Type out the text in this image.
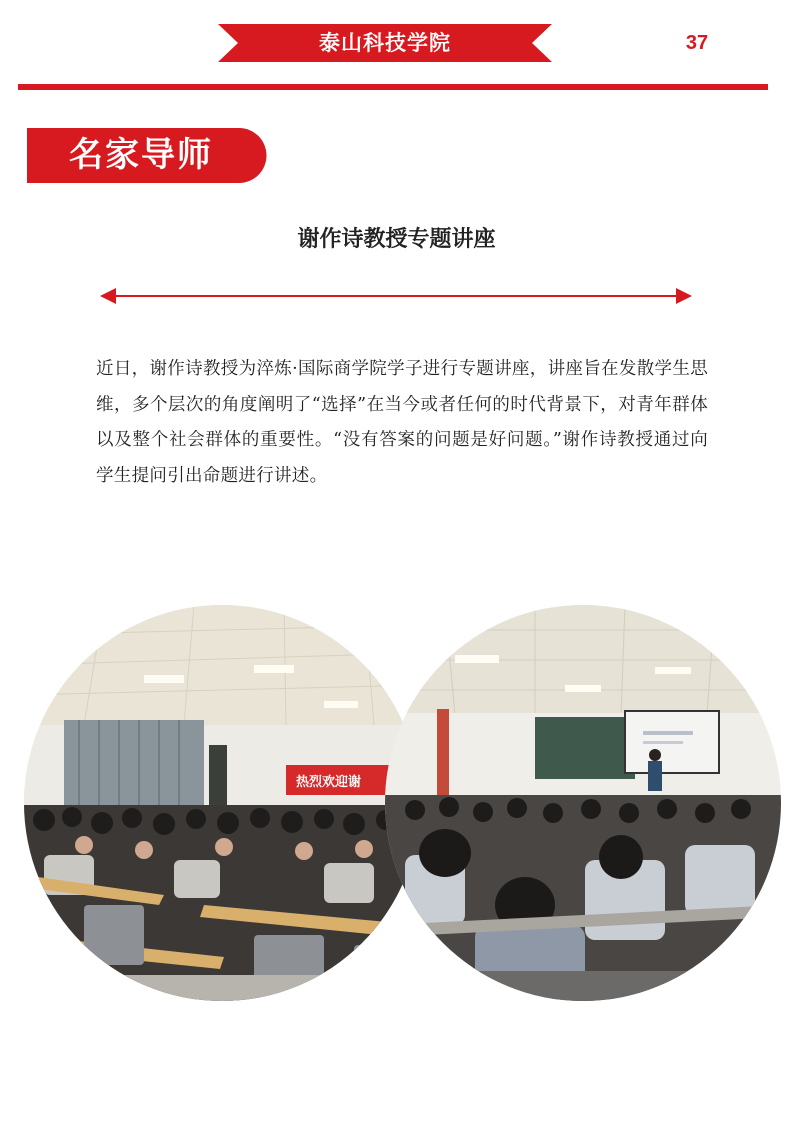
泰山科技学院	37
名家导师
谢作诗教授专题讲座
近日，谢作诗教授为淬炼·国际商学院学子进行专题讲座，讲座旨在发散学生思维，多个层次的角度阐明了“选择”在当今或者任何的时代背景下，对青年群体以及整个社会群体的重要性。“没有答案的问题是好问题。”谢作诗教授通过向学生提问引出命题进行讲述。
热烈欢迎谢
